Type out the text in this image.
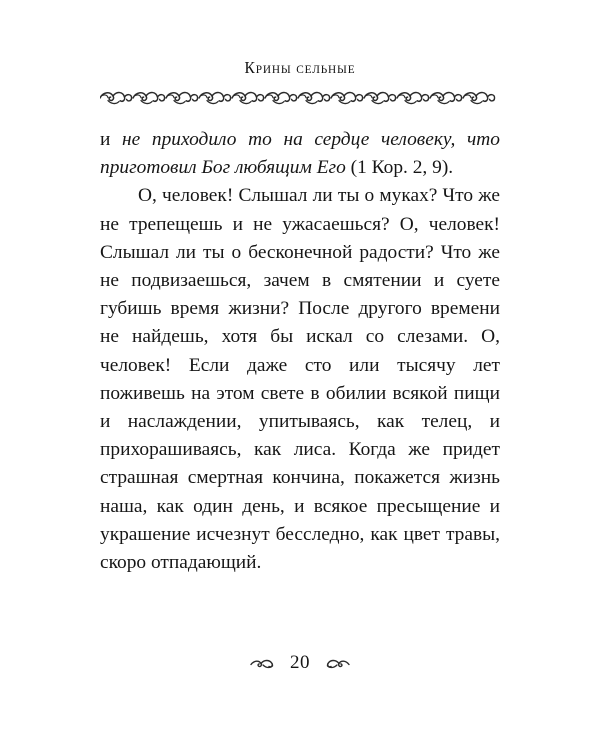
Крины сельные

и не приходило то на сердце человеку, что приготовил Бог любящим Его (1 Кор. 2, 9).

О, человек! Слышал ли ты о муках? Что же не трепещешь и не ужасаешься? О, человек! Слышал ли ты о бесконечной радости? Что же не подвизаешься, зачем в смятении и суете губишь время жизни? После другого времени не найдешь, хотя бы искал со слезами. О, человек! Если даже сто или тысячу лет поживешь на этом свете в обилии всякой пищи и наслаждении, упитываясь, как телец, и прихорашиваясь, как лиса. Когда же придет страшная смертная кончина, покажется жизнь наша, как один день, и всякое пресыщение и украшение исчезнут бесследно, как цвет травы, скоро отпадающий.

20
